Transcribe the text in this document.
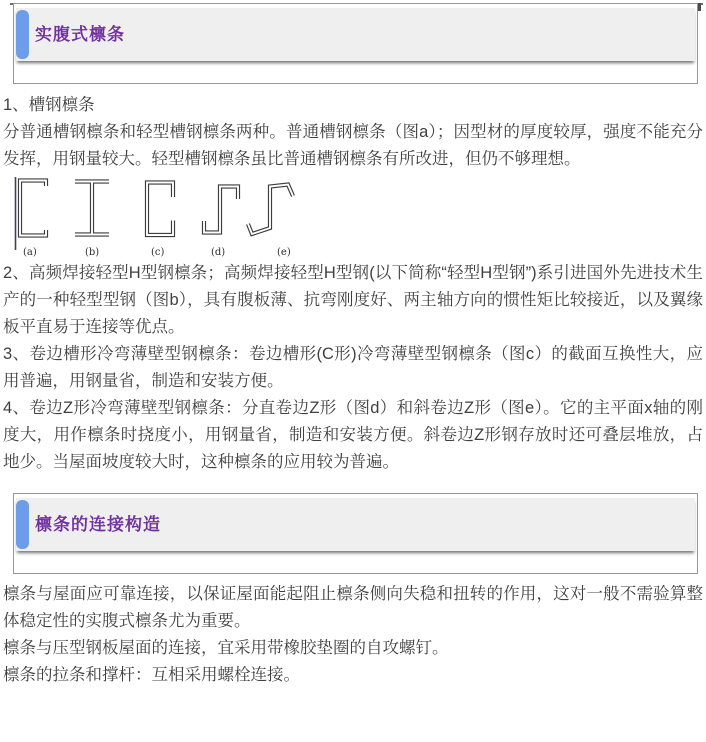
实腹式檩条

1、槽钢檩条

分普通槽钢檩条和轻型槽钢檩条两种。普通槽钢檩条（图a）；因型材的厚度较厚，强度不能充分发挥，用钢量较大。轻型槽钢檩条虽比普通槽钢檩条有所改进，但仍不够理想。

(a)	(b)	(c)	(d)	(e)

2、高频焊接轻型H型钢檩条；高频焊接轻型H型钢(以下简称“轻型H型钢”)系引进国外先进技术生产的一种轻型型钢（图b），具有腹板薄、抗弯刚度好、两主轴方向的惯性矩比较接近，以及翼缘板平直易于连接等优点。

3、卷边槽形冷弯薄壁型钢檩条：卷边槽形(C形)冷弯薄壁型钢檩条（图c）的截面互换性大，应用普遍，用钢量省，制造和安装方便。

4、卷边Z形冷弯薄壁型钢檩条：分直卷边Z形（图d）和斜卷边Z形（图e）。它的主平面x轴的刚度大，用作檩条时挠度小，用钢量省，制造和安装方便。斜卷边Z形钢存放时还可叠层堆放，占地少。当屋面坡度较大时，这种檩条的应用较为普遍。

檩条的连接构造

檩条与屋面应可靠连接，以保证屋面能起阻止檩条侧向失稳和扭转的作用，这对一般不需验算整体稳定性的实腹式檩条尤为重要。

檩条与压型钢板屋面的连接，宜采用带橡胶垫圈的自攻螺钉。

檩条的拉条和撑杆：互相采用螺栓连接。
